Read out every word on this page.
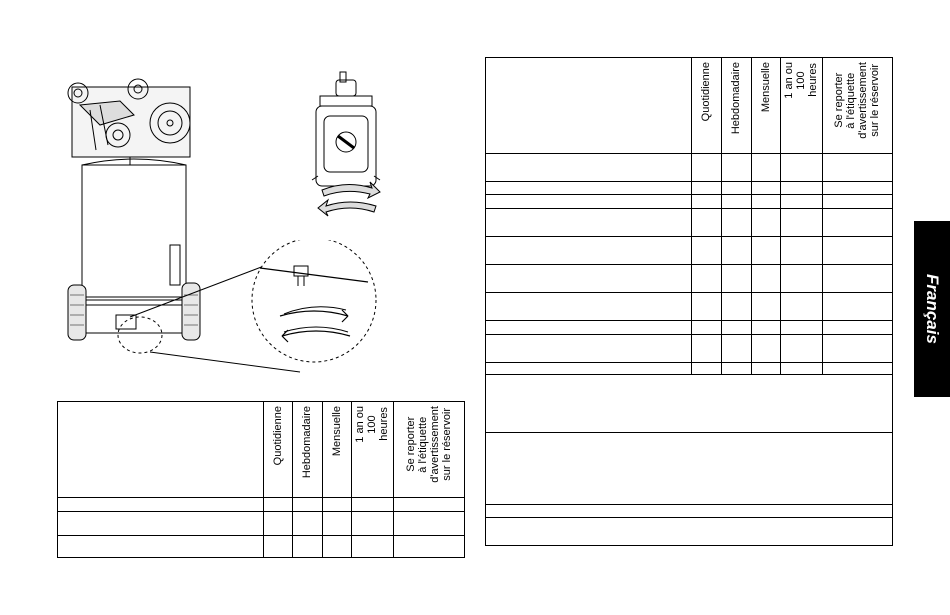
	Quotidienne	Hebdomadaire	Mensuelle	1 an ou
100
heures	Se reporter
à l'étiquette
d'avertissement
sur le réservoir

	Quotidienne	Hebdomadaire	Mensuelle	1 an ou
100
heures	Se reporter
à l'étiquette
d'avertissement
sur le réservoir

Français
